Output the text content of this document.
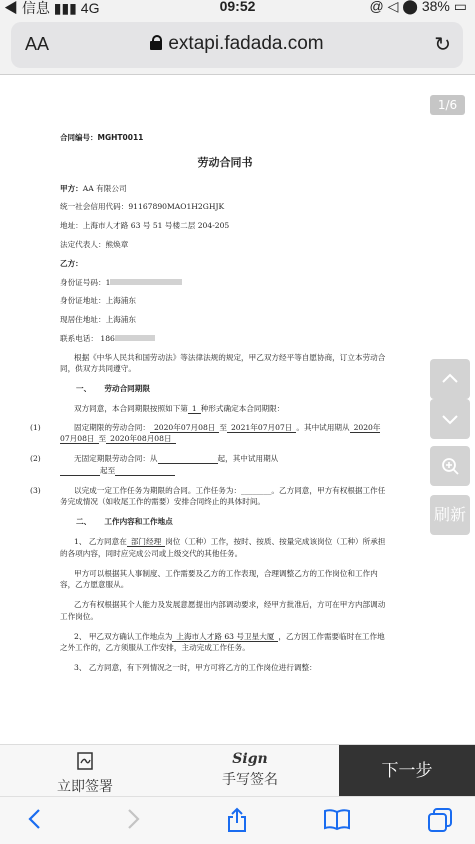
◀ 信息 ▮▮▮ 4G	09:52	@ ◁ ⬤ 38% ▭
AA	extapi.fadada.com	↻
1/6
合同编号：MGHT0011
劳动合同书
甲方：AA 有限公司
统一社会信用代码：91167890MAO1H2GHJK
地址：上海市人才路 63 号 51 号楼二层 204-205
法定代表人：熊焕章
乙方：
身份证号码：1
身份证地址：上海浦东
现居住地址：上海浦东
联系电话： 186
根据《中华人民共和国劳动法》等法律法规的规定，甲乙双方经平等自愿协商，订立本劳动合同，供双方共同遵守。
一、 劳动合同期限
双方同意，本合同期限按照如下第 1 种形式确定本合同期限：
(1)	固定期限的劳动合同： 2020年07月08日 至 2021年07月07日 。其中试用期从 2020年07月08日 至 2020年08月08日
(2)	无固定期限劳动合同：从	起，其中试用期从
起至
(3)	以完成一定工作任务为期限的合同。工作任务为：________。乙方同意，甲方有权根据工作任务完成情况（如收尾工作的需要）安排合同终止的具体时间。
二、 工作内容和工作地点
1、 乙方同意在 部门经理 岗位（工种）工作，按时、按质、按量完成该岗位（工种）所承担的各项内容，同时应完成公司或上级交代的其他任务。
甲方可以根据其人事制度、工作需要及乙方的工作表现，合理调整乙方的工作岗位和工作内容，乙方愿意服从。
乙方有权根据其个人能力及发展意愿提出内部调动要求，经甲方批准后，方可在甲方内部调动工作岗位。
2、 甲乙双方确认工作地点为 上海市人才路 63 号卫星大厦 ，乙方因工作需要临时在工作地之外工作的，乙方须服从工作安排，主动完成工作任务。
3、 乙方同意，有下列情况之一时，甲方可将乙方的工作岗位进行调整：
刷新
立即签署
Sign
手写签名	下一步
